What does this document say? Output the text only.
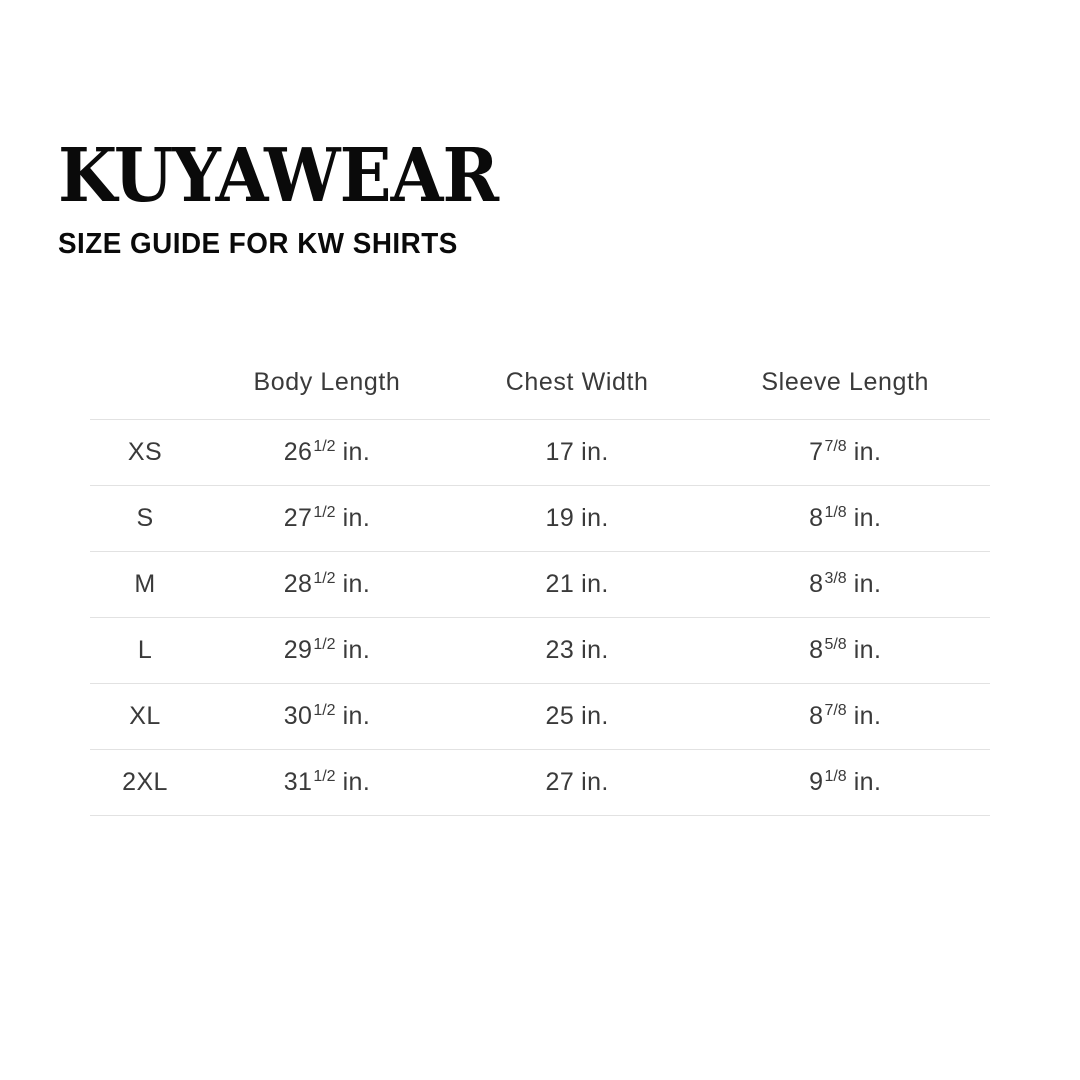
KUYAWEAR
SIZE GUIDE FOR KW SHIRTS
	Body Length	Chest Width	Sleeve Length
XS	$26^{1/2}$ in.	17 in.	$7^{7/8}$ in.
S	$27^{1/2}$ in.	19 in.	$8^{1/8}$ in.
M	$28^{1/2}$ in.	21 in.	$8^{3/8}$ in.
L	$29^{1/2}$ in.	23 in.	$8^{5/8}$ in.
XL	$30^{1/2}$ in.	25 in.	$8^{7/8}$ in.
2XL	$31^{1/2}$ in.	27 in.	$9^{1/8}$ in.
